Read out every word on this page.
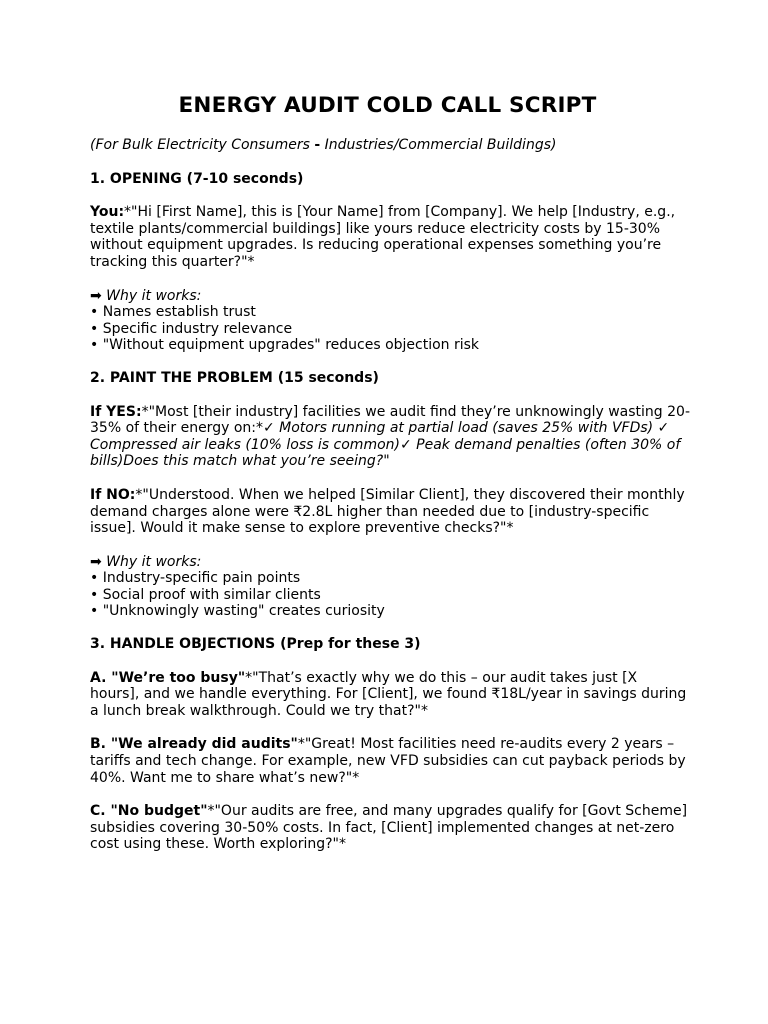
ENERGY AUDIT COLD CALL SCRIPT

(For Bulk Electricity Consumers - Industries/Commercial Buildings)

1. OPENING (7-10 seconds)

You:*"Hi [First Name], this is [Your Name] from [Company]. We help [Industry, e.g., textile plants/commercial buildings] like yours reduce electricity costs by 15-30% without equipment upgrades. Is reducing operational expenses something you’re tracking this quarter?"*

➡ Why it works:

• Names establish trust
• Specific industry relevance
• "Without equipment upgrades" reduces objection risk

2. PAINT THE PROBLEM (15 seconds)

If YES:*"Most [their industry] facilities we audit find they’re unknowingly wasting 20-35% of their energy on:*✓ Motors running at partial load (saves 25% with VFDs) ✓ Compressed air leaks (10% loss is common)✓ Peak demand penalties (often 30% of bills)Does this match what you’re seeing?"

If NO:*"Understood. When we helped [Similar Client], they discovered their monthly demand charges alone were ₹2.8L higher than needed due to [industry-specific issue]. Would it make sense to explore preventive checks?"*

➡ Why it works:

• Industry-specific pain points
• Social proof with similar clients
• "Unknowingly wasting" creates curiosity

3. HANDLE OBJECTIONS (Prep for these 3)

A. "We’re too busy"*"That’s exactly why we do this – our audit takes just [X hours], and we handle everything. For [Client], we found ₹18L/year in savings during a lunch break walkthrough. Could we try that?"*

B. "We already did audits"*"Great! Most facilities need re-audits every 2 years – tariffs and tech change. For example, new VFD subsidies can cut payback periods by 40%. Want me to share what’s new?"*

C. "No budget"*"Our audits are free, and many upgrades qualify for [Govt Scheme] subsidies covering 30-50% costs. In fact, [Client] implemented changes at net-zero cost using these. Worth exploring?"*
